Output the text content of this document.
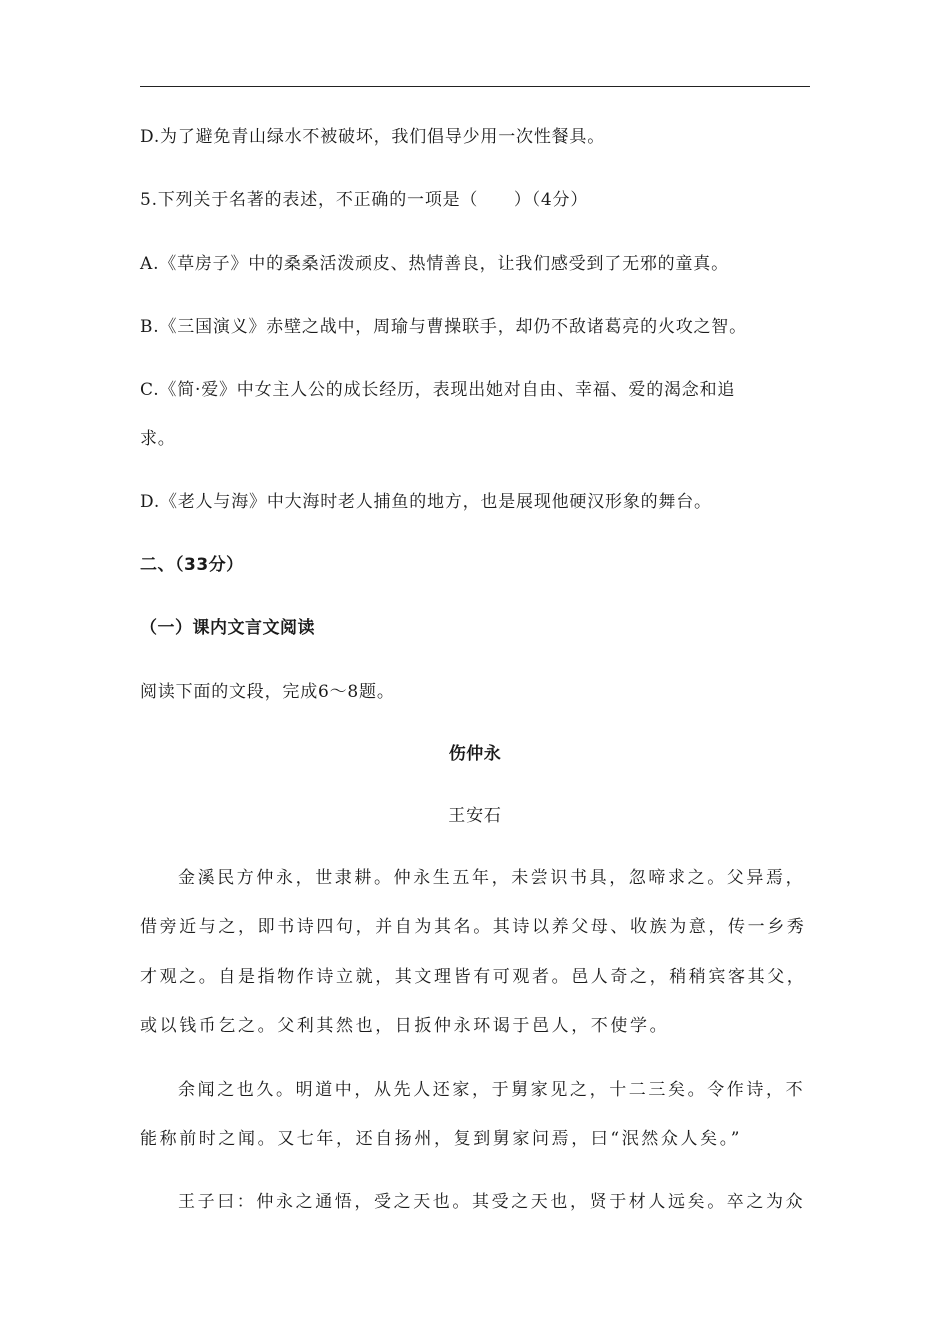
D.为了避免青山绿水不被破坏，我们倡导少用一次性餐具。
5.下列关于名著的表述，不正确的一项是（　　）（4分）
A.《草房子》中的桑桑活泼顽皮、热情善良，让我们感受到了无邪的童真。
B.《三国演义》赤壁之战中，周瑜与曹操联手，却仍不敌诸葛亮的火攻之智。
C.《简·爱》中女主人公的成长经历，表现出她对自由、幸福、爱的渴念和追
求。
D.《老人与海》中大海时老人捕鱼的地方，也是展现他硬汉形象的舞台。
二、（33分）
（一）课内文言文阅读
阅读下面的文段，完成6～8题。
伤仲永
王安石
金溪民方仲永，世隶耕。仲永生五年，未尝识书具，忽啼求之。父异焉，
借旁近与之，即书诗四句，并自为其名。其诗以养父母、收族为意，传一乡秀
才观之。自是指物作诗立就，其文理皆有可观者。邑人奇之，稍稍宾客其父，
或以钱币乞之。父利其然也，日扳仲永环谒于邑人，不使学。
余闻之也久。明道中，从先人还家，于舅家见之，十二三矣。令作诗，不
能称前时之闻。又七年，还自扬州，复到舅家问焉，曰“泯然众人矣。”
王子曰：仲永之通悟，受之天也。其受之天也，贤于材人远矣。卒之为众
